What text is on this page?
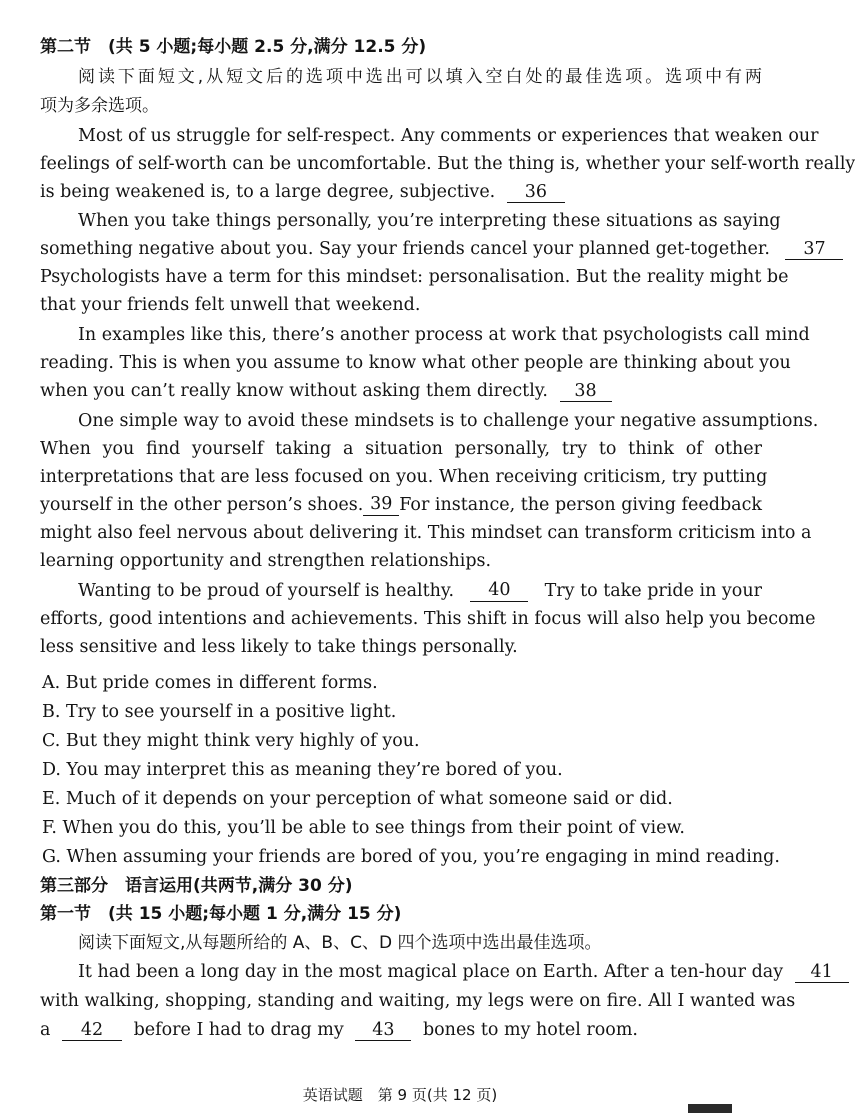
第二节　(共 5 小题;每小题 2.5 分,满分 12.5 分)
阅读下面短文,从短文后的选项中选出可以填入空白处的最佳选项。选项中有两
项为多余选项。
Most of us struggle for self-respect. Any comments or experiences that weaken our
feelings of self-worth can be uncomfortable. But the thing is, whether your self-worth really
is being weakened is, to a large degree, subjective. 36
When you take things personally, you’re interpreting these situations as saying
something negative about you. Say your friends cancel your planned get-together. 37
Psychologists have a term for this mindset: personalisation. But the reality might be
that your friends felt unwell that weekend.
In examples like this, there’s another process at work that psychologists call mind
reading. This is when you assume to know what other people are thinking about you
when you can’t really know without asking them directly. 38
One simple way to avoid these mindsets is to challenge your negative assumptions.
When you find yourself taking a situation personally, try to think of other
interpretations that are less focused on you. When receiving criticism, try putting
yourself in the other person’s shoes. 39 For instance, the person giving feedback
might also feel nervous about delivering it. This mindset can transform criticism into a
learning opportunity and strengthen relationships.
Wanting to be proud of yourself is healthy.	40	Try to take pride in your
efforts, good intentions and achievements. This shift in focus will also help you become
less sensitive and less likely to take things personally.
A. But pride comes in different forms.
B. Try to see yourself in a positive light.
C. But they might think very highly of you.
D. You may interpret this as meaning they’re bored of you.
E. Much of it depends on your perception of what someone said or did.
F. When you do this, you’ll be able to see things from their point of view.
G. When assuming your friends are bored of you, you’re engaging in mind reading.
第三部分　语言运用(共两节,满分 30 分)
第一节　(共 15 小题;每小题 1 分,满分 15 分)
阅读下面短文,从每题所给的 A、B、C、D 四个选项中选出最佳选项。
It had been a long day in the most magical place on Earth. After a ten-hour day 41
with walking, shopping, standing and waiting, my legs were on fire. All I wanted was
a 42 before I had to drag my 43 bones to my hotel room.
英语试题　第 9 页(共 12 页)
